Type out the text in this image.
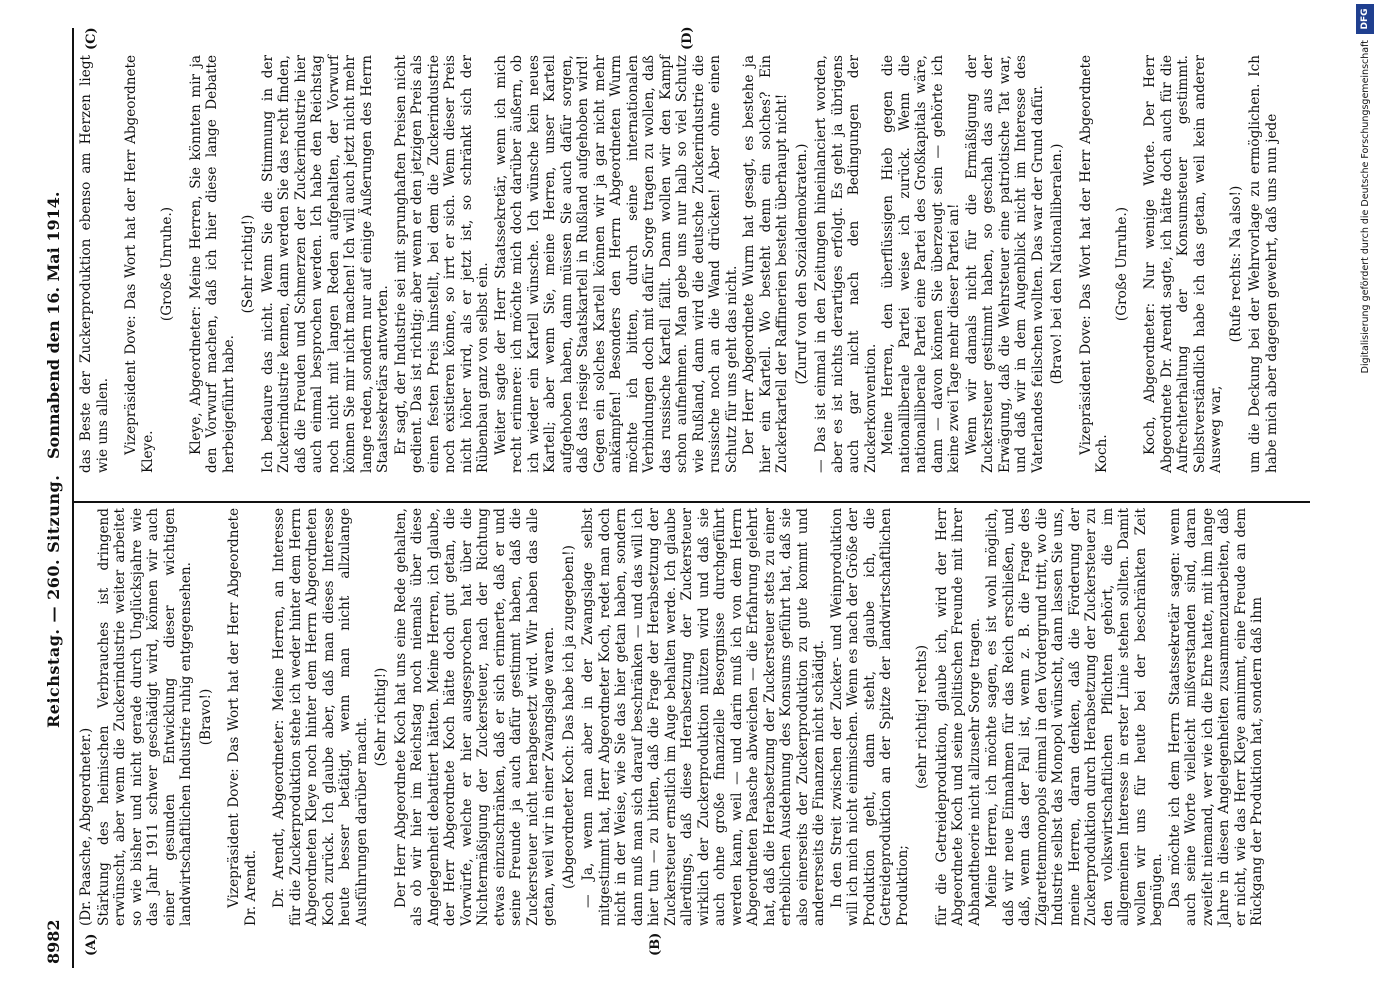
8982
Reichstag. — 260. Sitzung.
Sonnabend den 16. Mai 1914.
(A)	(B)
(C)	(D)

(Dr. Paasche, Abgeordneter.) Stärkung des heimischen Verbrauches ist dringend erwünscht, aber wenn die Zuckerindustrie weiter arbeitet so wie bisher und nicht gerade durch Unglücksjahre wie das Jahr 1911 schwer geschädigt wird, können wir auch einer gesunden Entwicklung dieser wichtigen landwirtschaftlichen Industrie ruhig entgegensehen. (Bravo!) Vizepräsident Dove: Das Wort hat der Herr Abgeordnete Dr. Arendt. Dr. Arendt, Abgeordneter: Meine Herren, an Interesse für die Zuckerproduktion stehe ich weder hinter dem Herrn Abgeordneten Kleye noch hinter dem Herrn Abgeordneten Koch zurück. Ich glaube aber, daß man dieses Interesse heute besser betätigt, wenn man nicht allzulange Ausführungen darüber macht.

(Sehr richtig!) Der Herr Abgeordnete Koch hat uns eine Rede gehalten, als ob wir hier im Reichstag noch niemals über diese Angelegenheit debattiert hätten. Meine Herren, ich glaube, der Herr Abgeordnete Koch hätte doch gut getan, die Vorwürfe, welche er hier ausgesprochen hat über die Nichtermäßigung der Zuckersteuer, nach der Richtung etwas einzuschränken, daß er sich erinnerte, daß er und seine Freunde ja auch dafür gestimmt haben, daß die Zuckersteuer nicht herabgesetzt wird. Wir haben das alle getan, weil wir in einer Zwangslage waren. (Abgeordneter Koch: Das habe ich ja zugegeben!) — Ja, wenn man aber in der Zwangslage selbst mitgestimmt hat, Herr Abgeordneter Koch, redet man doch nicht in der Weise, wie Sie das hier getan haben, sondern dann muß man sich darauf beschränken — und das will ich hier tun — zu bitten, daß die Frage der Herabsetzung der Zuckersteuer ernstlich im Auge behalten werde. Ich glaube allerdings, daß diese Herabsetzung der Zuckersteuer wirklich der Zuckerproduktion nützen wird und daß sie auch ohne große finanzielle Besorgnisse durchgeführt werden kann, weil — und darin muß ich von dem Herrn Abgeordneten Paasche abweichen — die Erfahrung gelehrt hat, daß die Herabsetzung der Zuckersteuer stets zu einer erheblichen Ausdehnung des Konsums geführt hat, daß sie also einerseits der Zuckerproduktion zu gute kommt und andererseits die Finanzen nicht schädigt. In den Streit zwischen der Zucker- und Weinproduktion will ich mich nicht einmischen. Wenn es nach der Größe der Produktion geht, dann steht, glaube ich, die Getreideproduktion an der Spitze der landwirtschaftlichen Produktion;

(sehr richtig! rechts) für die Getreideproduktion, glaube ich, wird der Herr Abgeordnete Koch und seine politischen Freunde mit ihrer Abhandtheorie nicht allzusehr Sorge tragen. Meine Herren, ich möchte sagen, es ist wohl möglich, daß wir neue Einnahmen für das Reich erschließen, und daß, wenn das der Fall ist, wenn z. B. die Frage des Zigarettenmonopols einmal in den Vordergrund tritt, wo die Industrie selbst das Monopol wünscht, dann lassen Sie uns, meine Herren, daran denken, daß die Förderung der Zuckerproduktion durch Herabsetzung der Zuckersteuer zu den volkswirtschaftlichen Pflichten gehört, die im allgemeinen Interesse in erster Linie stehen sollten. Damit wollen wir uns für heute bei der beschränkten Zeit begnügen. Das möchte ich dem Herrn Staatssekretär sagen: wenn auch seine Worte vielleicht mißverstanden sind, daran zweifelt niemand, wer wie ich die Ehre hatte, mit ihm lange Jahre in diesen Angelegenheiten zusammenzuarbeiten, daß er nicht, wie das Herr Kleye annimmt, eine Freude an dem Rückgang der Produktion hat, sondern daß ihm

das Beste der Zuckerproduktion ebenso am Herzen liegt wie uns allen. Vizepräsident Dove: Das Wort hat der Herr Abgeordnete Kleye.

(Große Unruhe.) Kleye, Abgeordneter: Meine Herren, Sie könnten mir ja den Vorwurf machen, daß ich hier diese lange Debatte herbeigeführt habe.

(Sehr richtig!) Ich bedaure das nicht. Wenn Sie die Stimmung in der Zuckerindustrie kennen, dann werden Sie das recht finden, daß die Freuden und Schmerzen der Zuckerindustrie hier auch einmal besprochen werden. Ich habe den Reichstag noch nicht mit langen Reden aufgehalten, der Vorwurf können Sie mir nicht machen! Ich will auch jetzt nicht mehr lange reden, sondern nur auf einige Äußerungen des Herrn Staatssekretärs antworten. Er sagt, der Industrie sei mit sprunghaften Preisen nicht gedient. Das ist richtig; aber wenn er den jetzigen Preis als einen festen Preis hinstellt, bei dem die Zuckerindustrie noch existieren könne, so irrt er sich. Wenn dieser Preis nicht höher wird, als er jetzt ist, so schränkt sich der Rübenbau ganz von selbst ein. Weiter sagte der Herr Staatssekretär, wenn ich mich recht erinnere: ich möchte mich doch darüber äußern, ob ich wieder ein Kartell wünsche. Ich wünsche kein neues Kartell; aber wenn Sie, meine Herren, unser Kartell aufgehoben haben, dann müssen Sie auch dafür sorgen, daß das riesige Staatskartell in Rußland aufgehoben wird! Gegen ein solches Kartell können wir ja gar nicht mehr ankämpfen! Besonders den Herrn Abgeordneten Wurm möchte ich bitten, durch seine internationalen Verbindungen doch mit dafür Sorge tragen zu wollen, daß das russische Kartell fällt. Dann wollen wir den Kampf schon aufnehmen. Man gebe uns nur halb so viel Schutz wie Rußland, dann wird die deutsche Zuckerindustrie die russische noch an die Wand drücken! Aber ohne einen Schutz für uns geht das nicht. Der Herr Abgeordnete Wurm hat gesagt, es bestehe ja hier ein Kartell. Wo besteht denn ein solches? Ein Zuckerkartell der Raffinerien besteht überhaupt nicht! (Zuruf von den Sozialdemokraten.) — Das ist einmal in den Zeitungen hineinlanciert worden, aber es ist nichts derartiges erfolgt. Es geht ja übrigens auch gar nicht nach den Bedingungen der Zuckerkonvention. Meine Herren, den überflüssigen Hieb gegen die nationalliberale Partei weise ich zurück. Wenn die nationalliberale Partei eine Partei des Großkapitals wäre, dann — davon können Sie überzeugt sein — gehörte ich keine zwei Tage mehr dieser Partei an! Wenn wir damals nicht für die Ermäßigung der Zuckersteuer gestimmt haben, so geschah das aus der Erwägung, daß die Wehrsteuer eine patriotische Tat war, und daß wir in dem Augenblick nicht im Interesse des Vaterlandes feilschen wollten. Das war der Grund dafür. (Bravo! bei den Nationalliberalen.) Vizepräsident Dove: Das Wort hat der Herr Abgeordnete Koch.

(Große Unruhe.) Koch, Abgeordneter: Nur wenige Worte. Der Herr Abgeordnete Dr. Arendt sagte, ich hätte doch auch für die Aufrechterhaltung der Konsumsteuer gestimmt. Selbstverständlich habe ich das getan, weil kein anderer Ausweg war,

(Rufe rechts: Na also!) um die Deckung bei der Wehrvorlage zu ermöglichen. Ich habe mich aber dagegen gewehrt, daß uns nun jede	Digitalisierung gefördert durch die Deutsche Forschungsgemeinschaft
DFG
